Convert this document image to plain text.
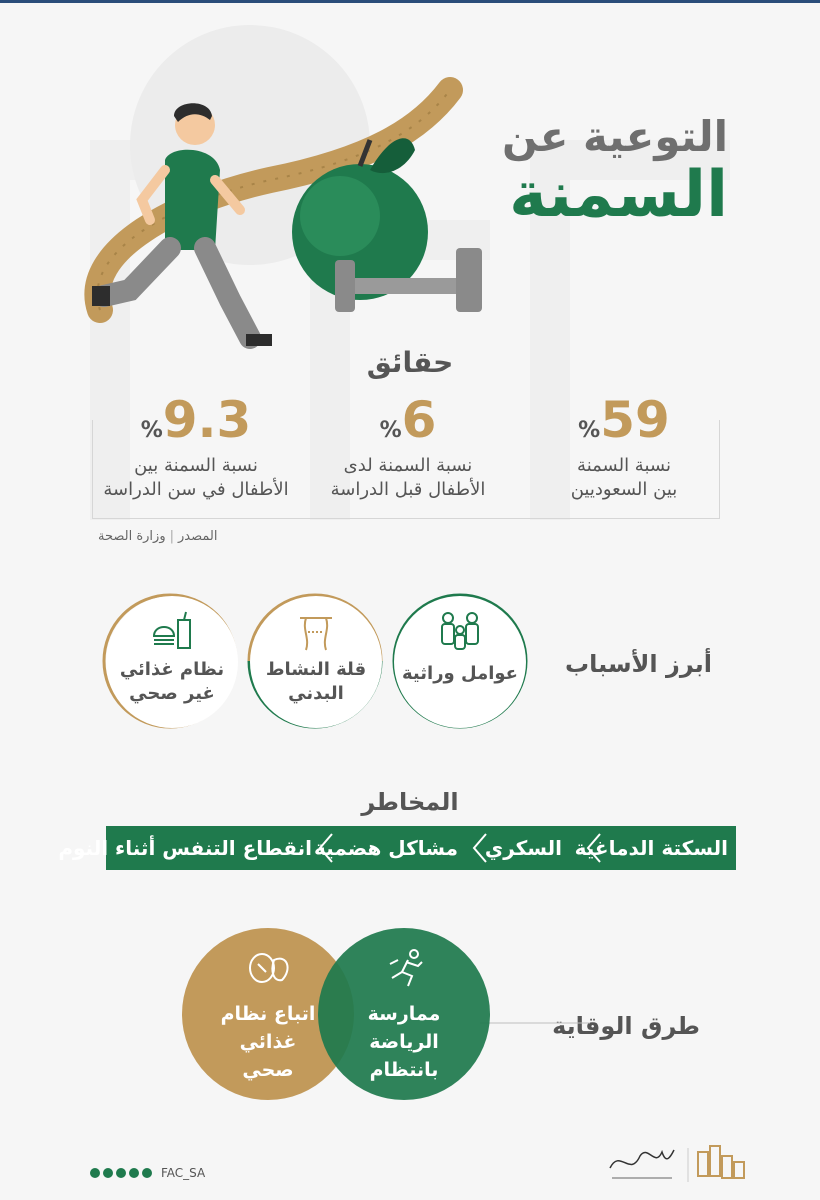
التوعية عن
السمنة
حقائق
%59
نسبة السمنة
بين السعوديين
%6
نسبة السمنة لدى
الأطفال قبل الدراسة
%9.3
نسبة السمنة بين
الأطفال في سن الدراسة
المصدر|وزارة الصحة
أبرز الأسباب
عوامل وراثية
قلة النشاط
البدني
نظام غذائي
غير صحي
المخاطر
السكتة الدماغية
السكري
مشاكل هضمية
انقطاع التنفس أثناء النوم
طرق الوقاية
اتباع نظام
غذائي
صحي
ممارسة
الرياضة
بانتظام
FAC_SA
